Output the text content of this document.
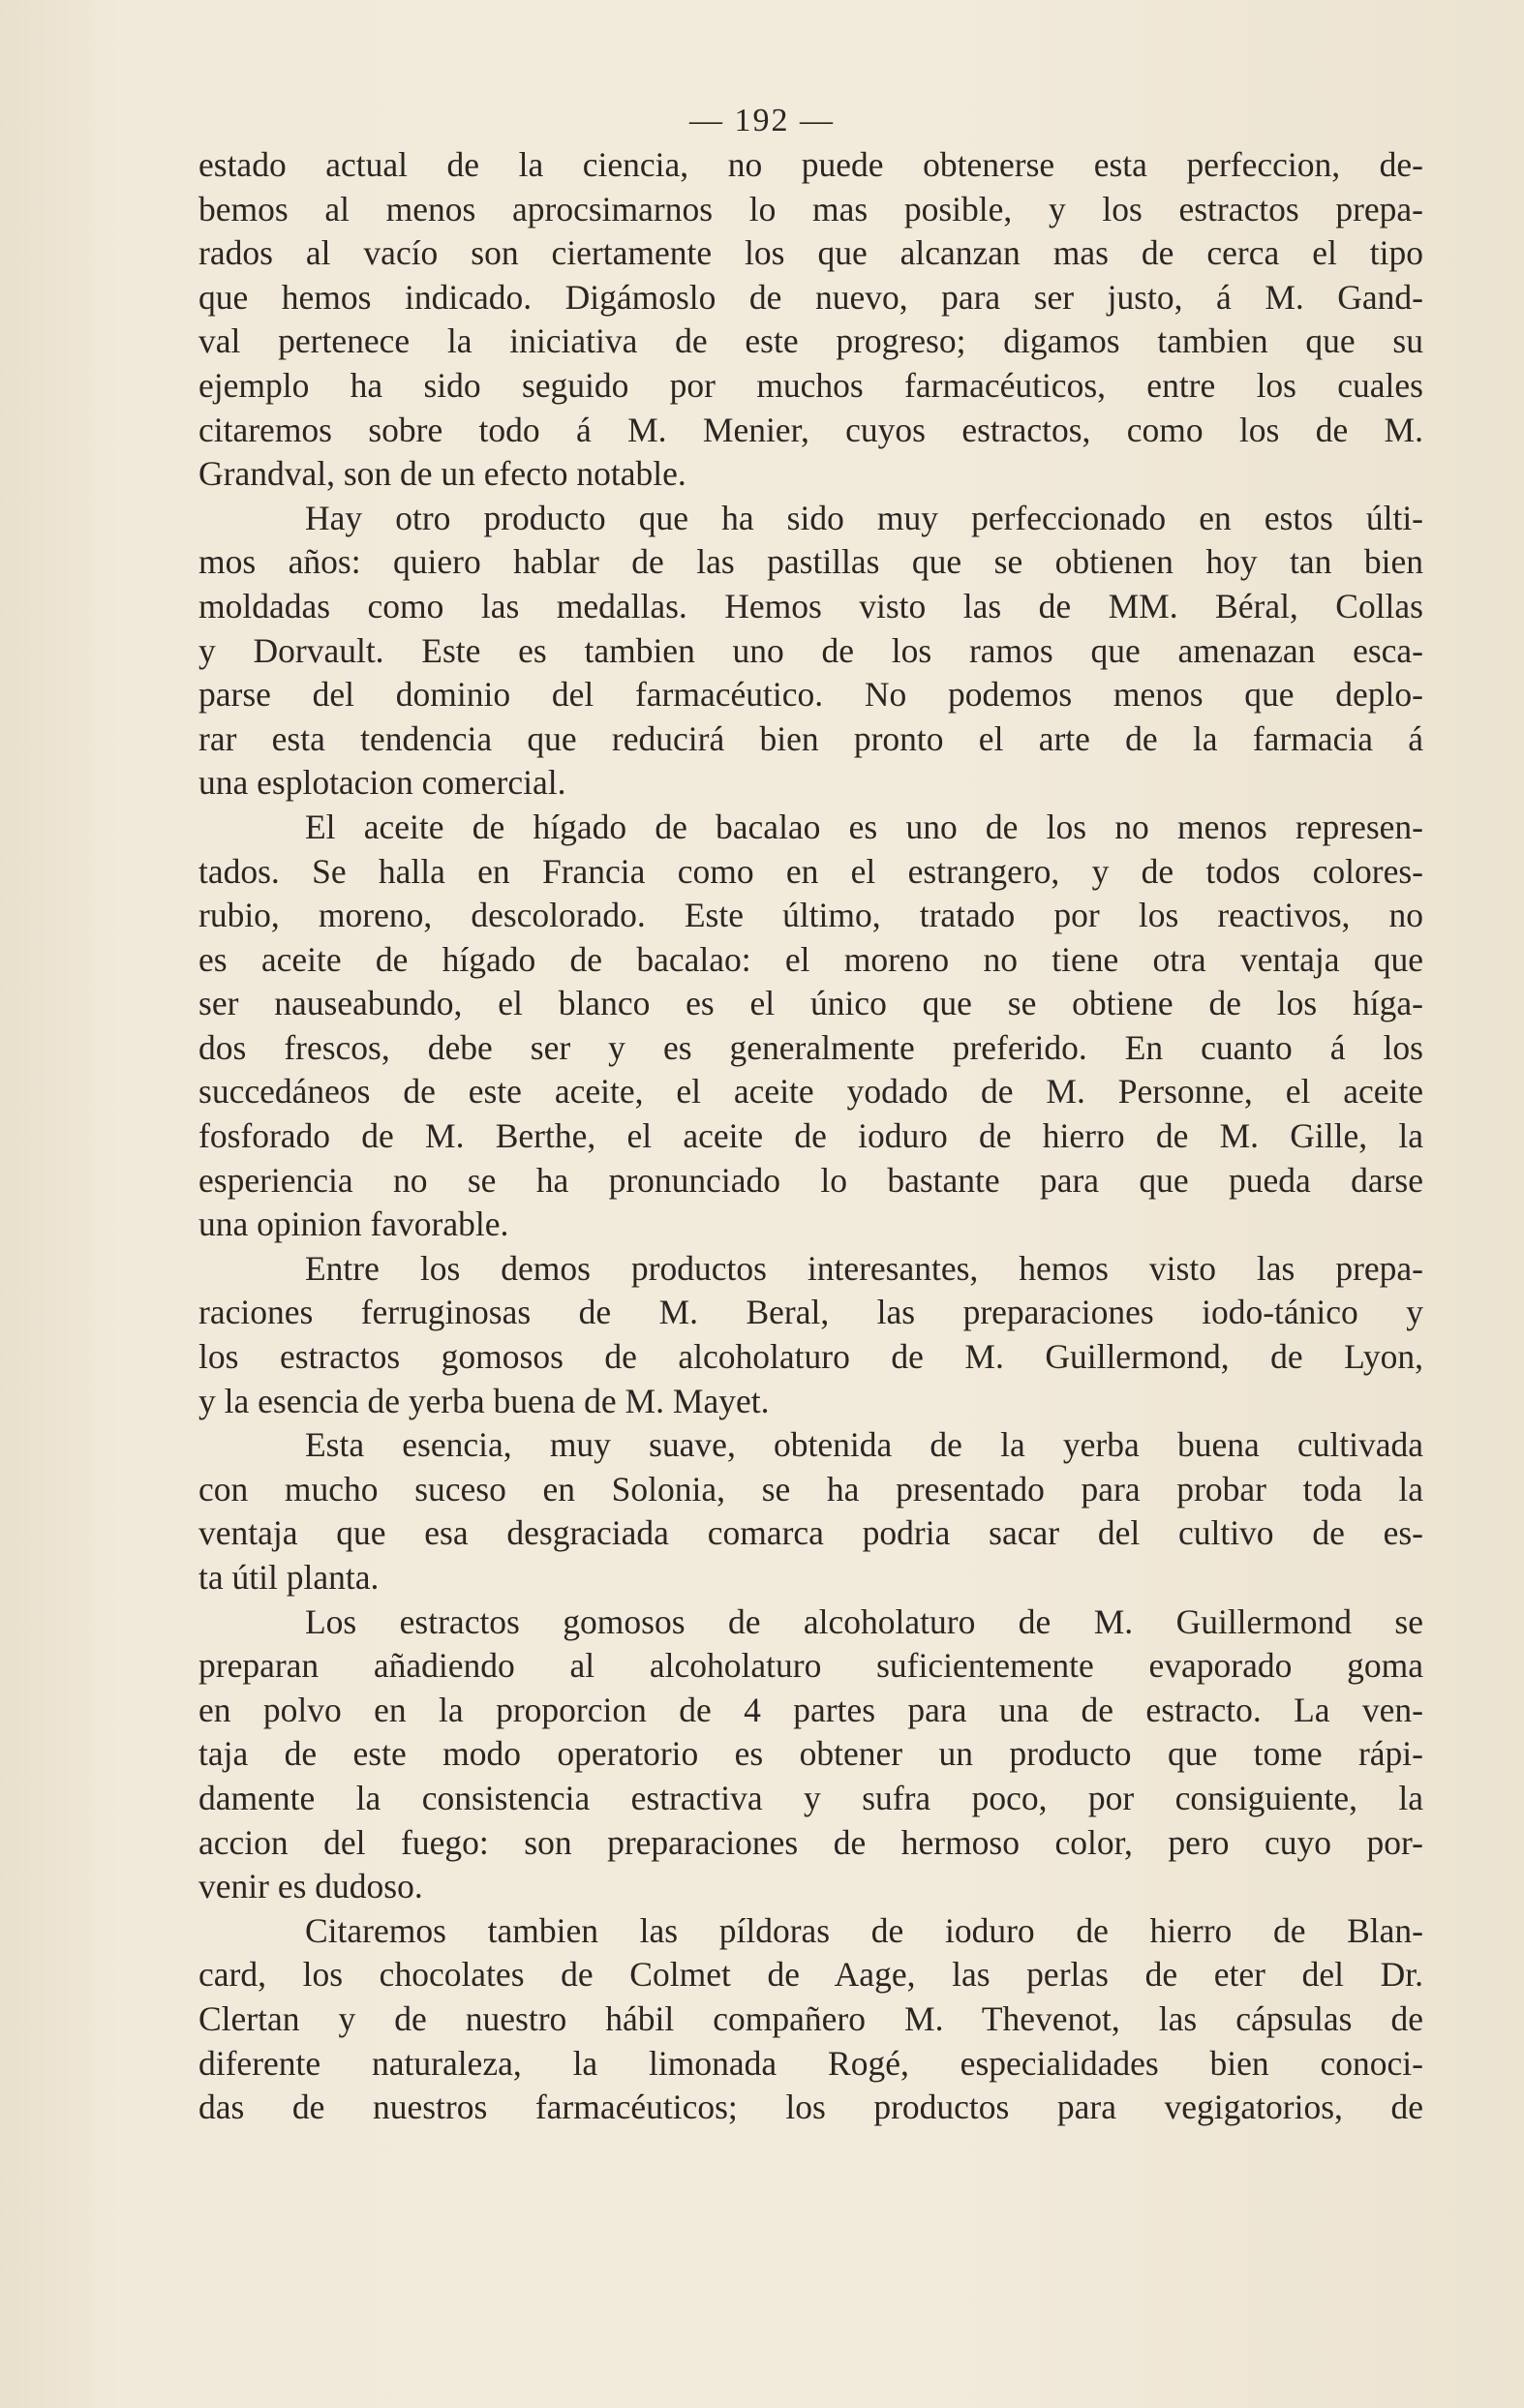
— 192 —
estado actual de la ciencia, no puede obtenerse esta perfeccion, de-
bemos al menos aprocsimarnos lo mas posible, y los estractos prepa-
rados al vacío son ciertamente los que alcanzan mas de cerca el tipo
que hemos indicado. Digámoslo de nuevo, para ser justo, á M. Gand-
val pertenece la iniciativa de este progreso; digamos tambien que su
ejemplo ha sido seguido por muchos farmacéuticos, entre los cuales
citaremos sobre todo á M. Menier, cuyos estractos, como los de M.
Grandval, son de un efecto notable.
Hay otro producto que ha sido muy perfeccionado en estos últi-
mos años: quiero hablar de las pastillas que se obtienen hoy tan bien
moldadas como las medallas. Hemos visto las de MM. Béral, Collas
y Dorvault. Este es tambien uno de los ramos que amenazan esca-
parse del dominio del farmacéutico. No podemos menos que deplo-
rar esta tendencia que reducirá bien pronto el arte de la farmacia á
una esplotacion comercial.
El aceite de hígado de bacalao es uno de los no menos represen-
tados. Se halla en Francia como en el estrangero, y de todos colores-
rubio, moreno, descolorado. Este último, tratado por los reactivos, no
es aceite de hígado de bacalao: el moreno no tiene otra ventaja que
ser nauseabundo, el blanco es el único que se obtiene de los híga-
dos frescos, debe ser y es generalmente preferido. En cuanto á los
succedáneos de este aceite, el aceite yodado de M. Personne, el aceite
fosforado de M. Berthe, el aceite de ioduro de hierro de M. Gille, la
esperiencia no se ha pronunciado lo bastante para que pueda darse
una opinion favorable.
Entre los demos productos interesantes, hemos visto las prepa-
raciones ferruginosas de M. Beral, las preparaciones iodo-tánico y
los estractos gomosos de alcoholaturo de M. Guillermond, de Lyon,
y la esencia de yerba buena de M. Mayet.
Esta esencia, muy suave, obtenida de la yerba buena cultivada
con mucho suceso en Solonia, se ha presentado para probar toda la
ventaja que esa desgraciada comarca podria sacar del cultivo de es-
ta útil planta.
Los estractos gomosos de alcoholaturo de M. Guillermond se
preparan añadiendo al alcoholaturo suficientemente evaporado goma
en polvo en la proporcion de 4 partes para una de estracto. La ven-
taja de este modo operatorio es obtener un producto que tome rápi-
damente la consistencia estractiva y sufra poco, por consiguiente, la
accion del fuego: son preparaciones de hermoso color, pero cuyo por-
venir es dudoso.
Citaremos tambien las píldoras de ioduro de hierro de Blan-
card, los chocolates de Colmet de Aage, las perlas de eter del Dr.
Clertan y de nuestro hábil compañero M. Thevenot, las cápsulas de
diferente naturaleza, la limonada Rogé, especialidades bien conoci-
das de nuestros farmacéuticos; los productos para vegigatorios, de
